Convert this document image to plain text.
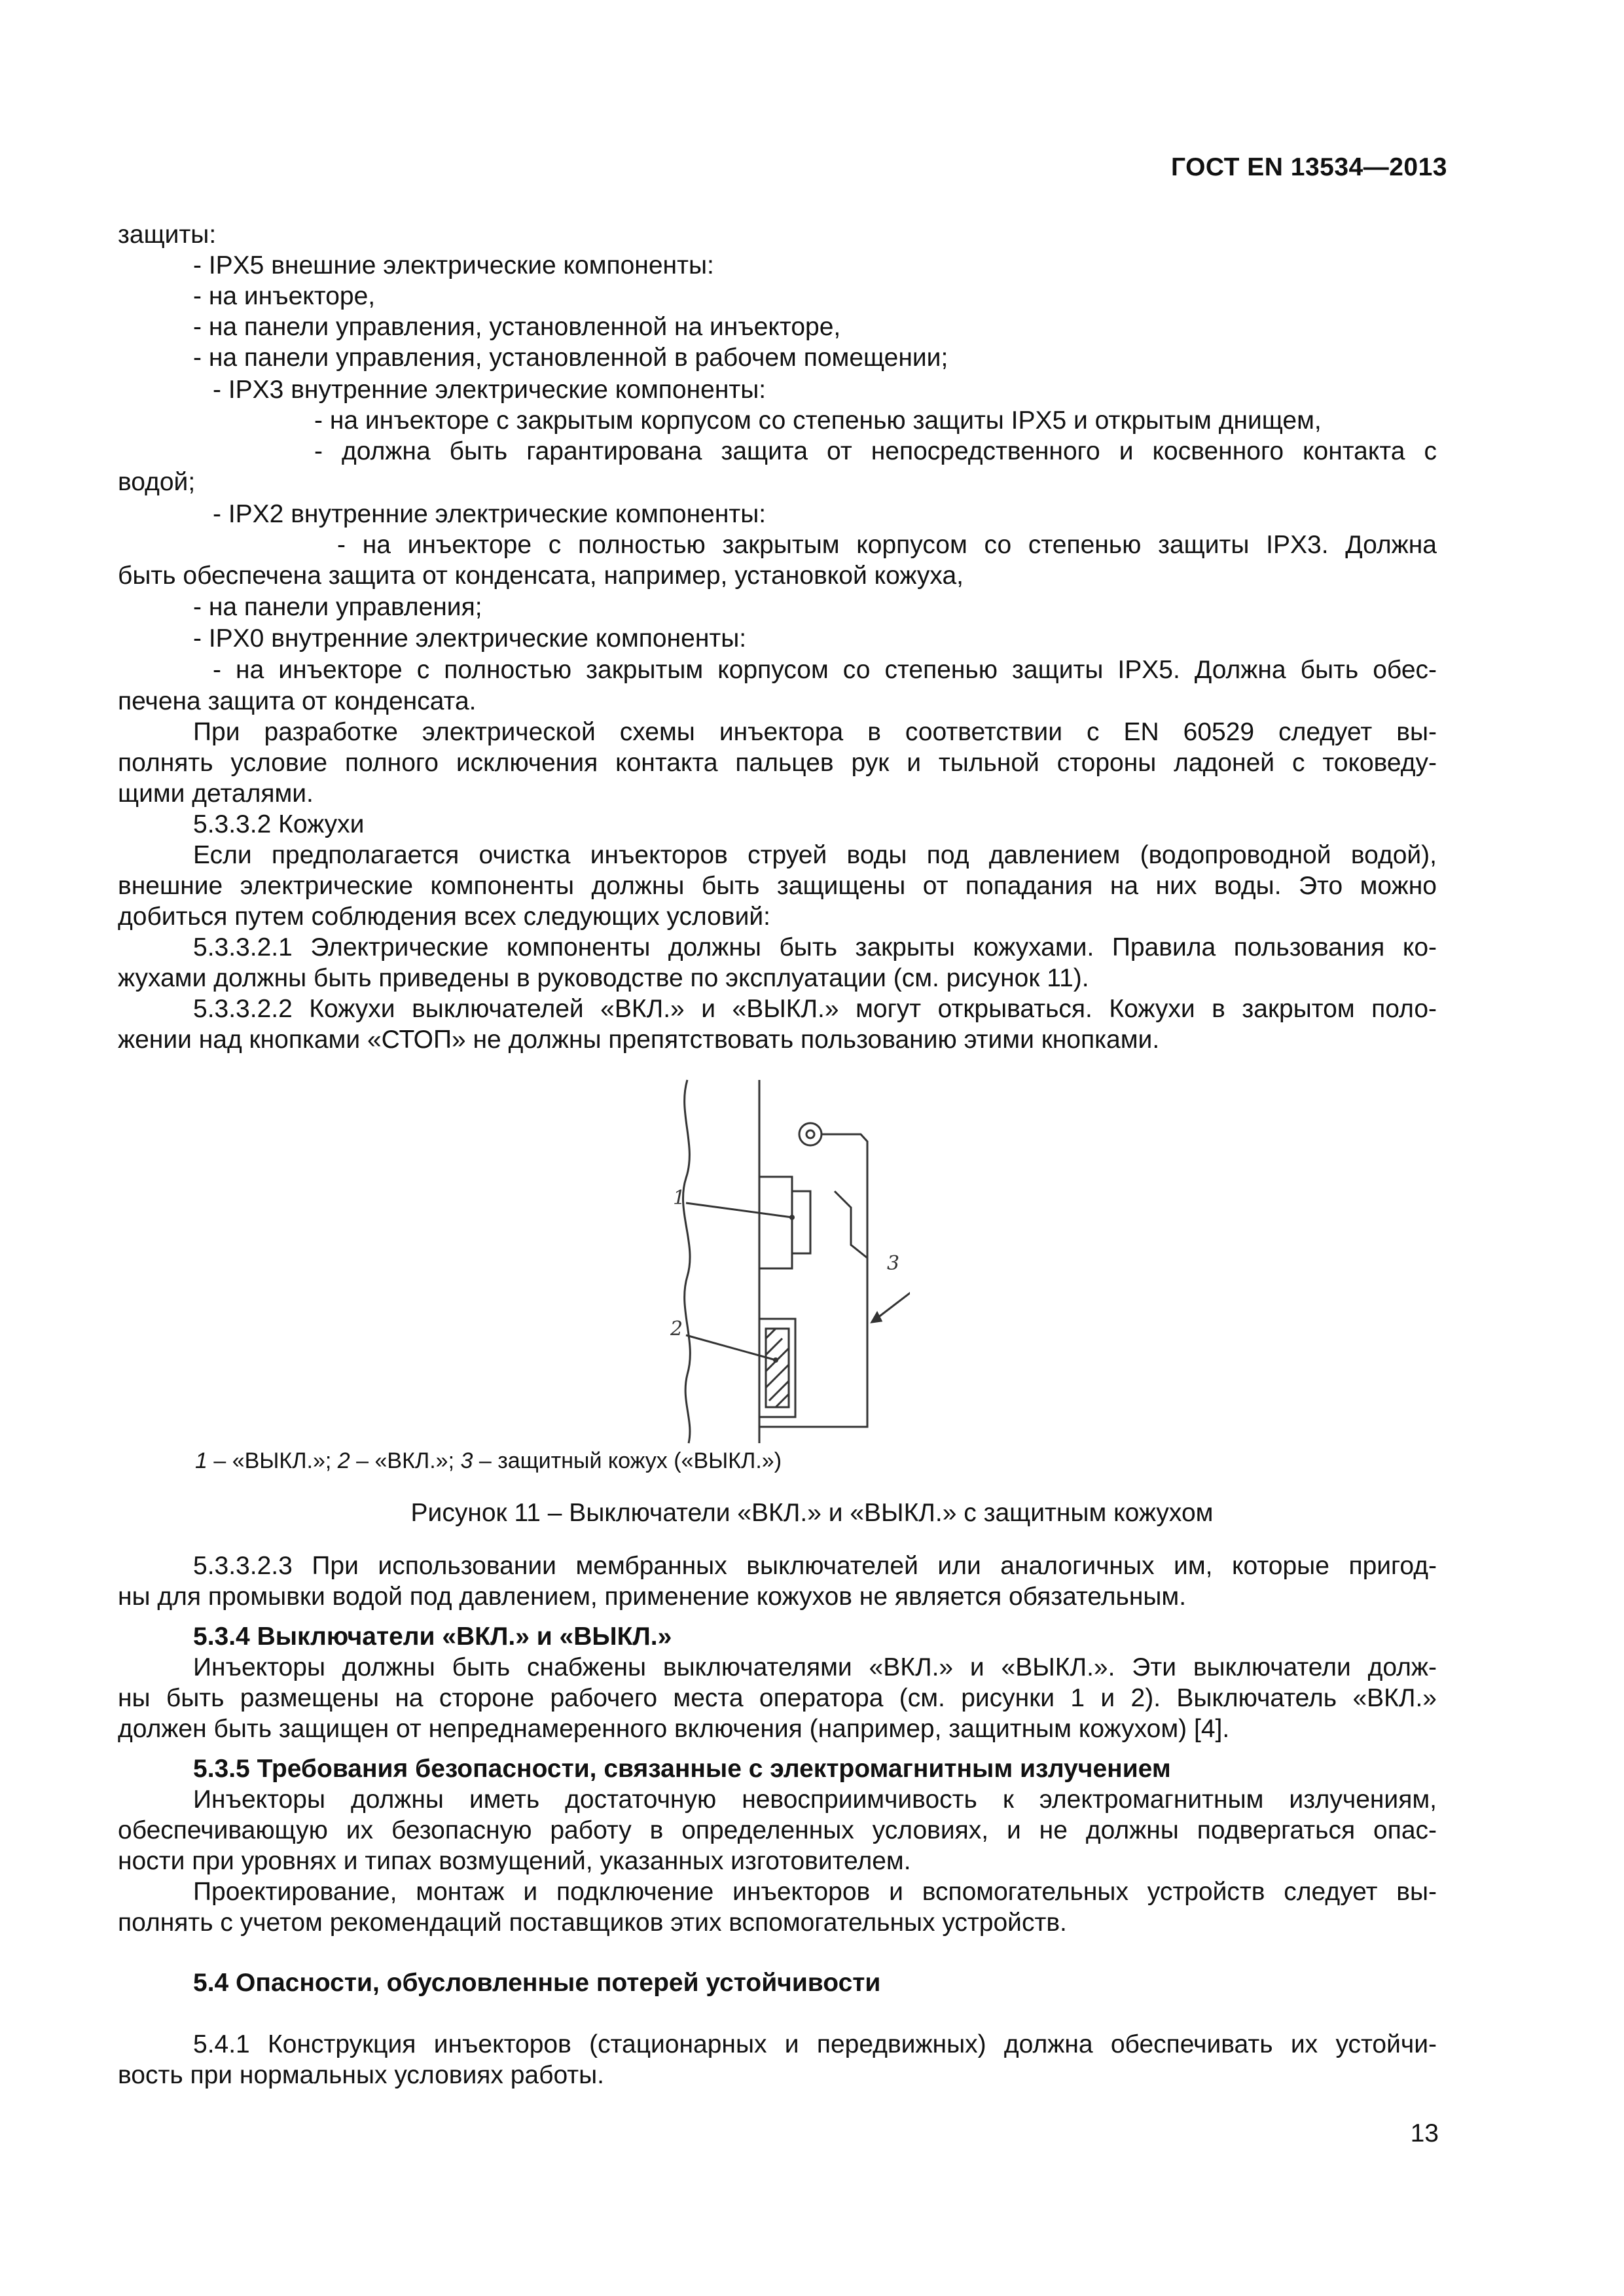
ГОСТ EN 13534—2013
защиты:
- IPX5 внешние электрические компоненты:
- на инъекторе,
- на панели управления, установленной на инъекторе,
- на панели управления, установленной в рабочем помещении;
- IPX3 внутренние электрические компоненты:
- на инъекторе с закрытым корпусом со степенью защиты IPX5 и открытым днищем,
- должна быть гарантирована защита от непосредственного и косвенного контакта с
водой;
- IPX2 внутренние электрические компоненты:
- на инъекторе с полностью закрытым корпусом со степенью защиты IPX3. Должна
быть обеспечена защита от конденсата, например, установкой кожуха,
- на панели управления;
- IPX0 внутренние электрические компоненты:
- на инъекторе с полностью закрытым корпусом со степенью защиты IPX5. Должна быть обес-
печена защита от конденсата.
При разработке электрической схемы инъектора в соответствии с EN 60529 следует вы-
полнять условие полного исключения контакта пальцев рук и тыльной стороны ладоней с токоведу-
щими деталями.
5.3.3.2 Кожухи
Если предполагается очистка инъекторов струей воды под давлением (водопроводной водой),
внешние электрические компоненты должны быть защищены от попадания на них воды. Это можно
добиться путем соблюдения всех следующих условий:
5.3.3.2.1 Электрические компоненты должны быть закрыты кожухами. Правила пользования ко-
жухами должны быть приведены в руководстве по эксплуатации (см. рисунок 11).
5.3.3.2.2 Кожухи выключателей «ВКЛ.» и «ВЫКЛ.» могут открываться. Кожухи в закрытом поло-
жении над кнопками «СТОП» не должны препятствовать пользованию этими кнопками.
1
2
3
1 – «ВЫКЛ.»; 2 – «ВКЛ.»; 3 – защитный кожух («ВЫКЛ.»)
Рисунок 11 – Выключатели «ВКЛ.» и «ВЫКЛ.» с защитным кожухом
5.3.3.2.3 При использовании мембранных выключателей или аналогичных им, которые пригод-
ны для промывки водой под давлением, применение кожухов не является обязательным.
5.3.4 Выключатели «ВКЛ.» и «ВЫКЛ.»
Инъекторы должны быть снабжены выключателями «ВКЛ.» и «ВЫКЛ.». Эти выключатели долж-
ны быть размещены на стороне рабочего места оператора (см. рисунки 1 и 2). Выключатель «ВКЛ.»
должен быть защищен от непреднамеренного включения (например, защитным кожухом) [4].
5.3.5 Требования безопасности, связанные с электромагнитным излучением
Инъекторы должны иметь достаточную невосприимчивость к электромагнитным излучениям,
обеспечивающую их безопасную работу в определенных условиях, и не должны подвергаться опас-
ности при уровнях и типах возмущений, указанных изготовителем.
Проектирование, монтаж и подключение инъекторов и вспомогательных устройств следует вы-
полнять с учетом рекомендаций поставщиков этих вспомогательных устройств.
5.4 Опасности, обусловленные потерей устойчивости
5.4.1 Конструкция инъекторов (стационарных и передвижных) должна обеспечивать их устойчи-
вость при нормальных условиях работы.
13
